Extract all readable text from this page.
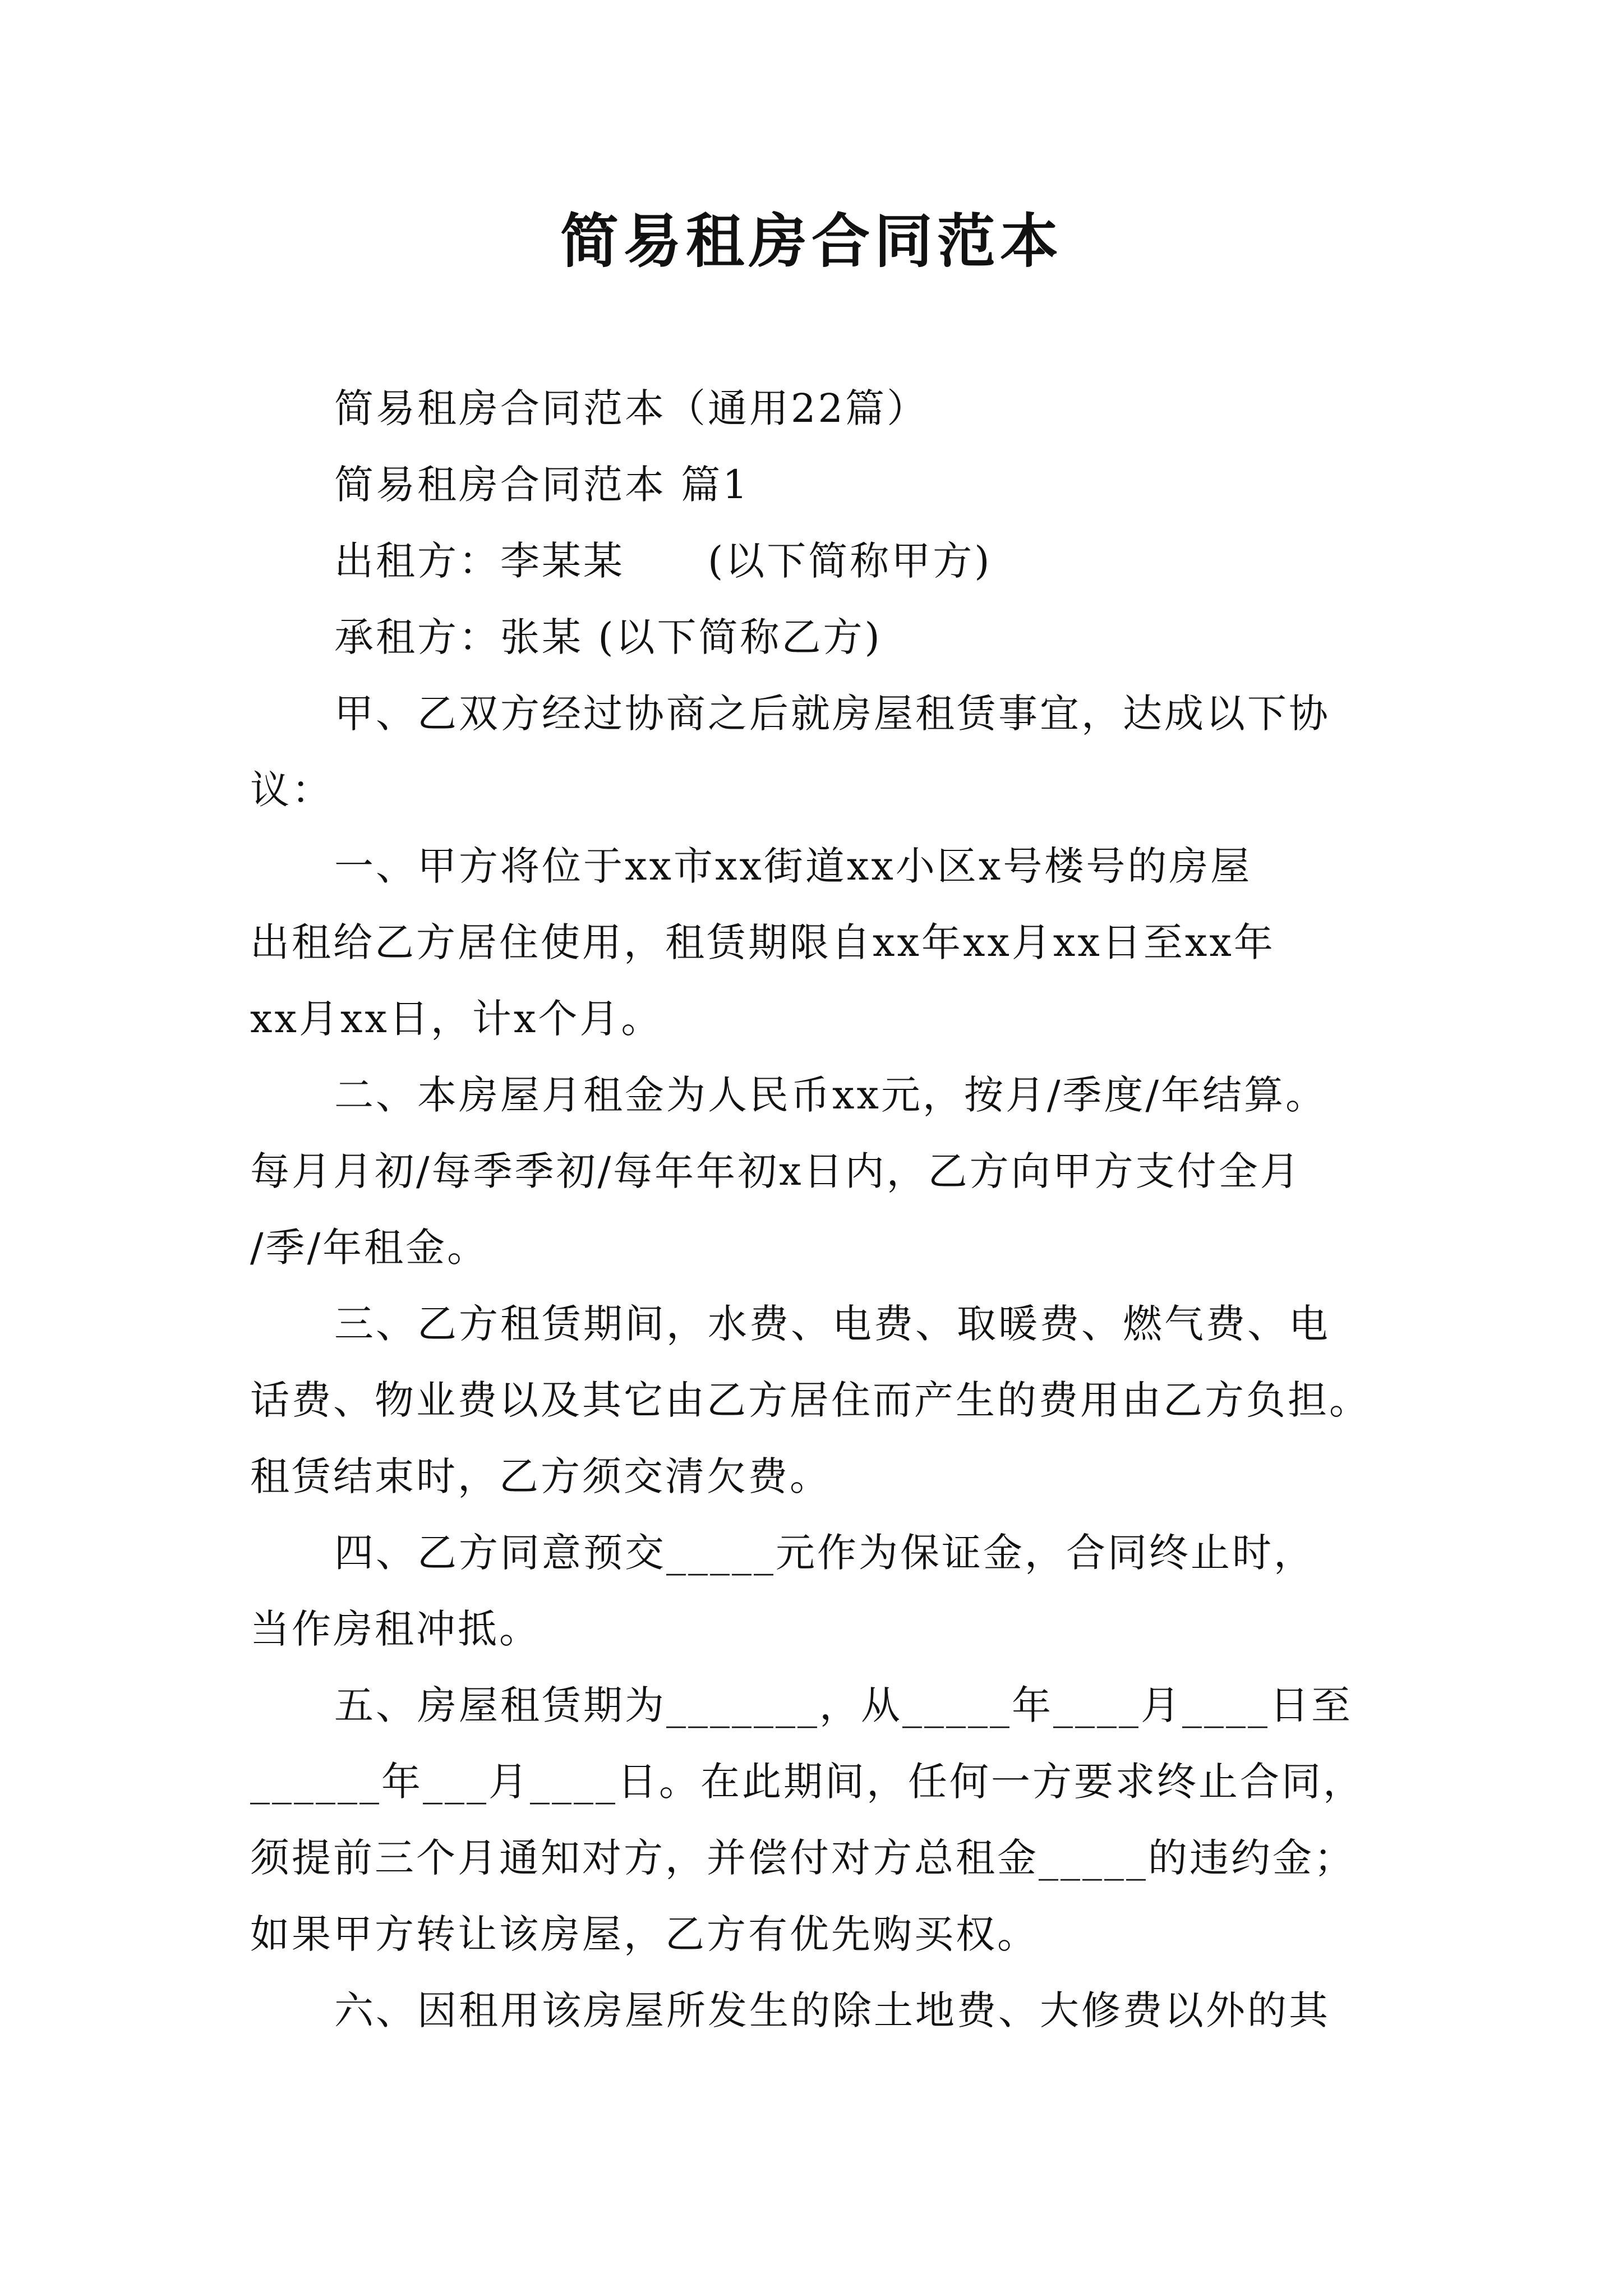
简易租房合同范本

简易租房合同范本（通用22篇）

简易租房合同范本 篇1

出租方：李某某　　(以下简称甲方)

承租方：张某 (以下简称乙方)

甲、乙双方经过协商之后就房屋租赁事宜，达成以下协

议：

一、甲方将位于xx市xx街道xx小区x号楼号的房屋

出租给乙方居住使用，租赁期限自xx年xx月xx日至xx年

xx月xx日，计x个月。

二、本房屋月租金为人民币xx元，按月/季度/年结算。

每月月初/每季季初/每年年初x日内，乙方向甲方支付全月

/季/年租金。

三、乙方租赁期间，水费、电费、取暖费、燃气费、电

话费、物业费以及其它由乙方居住而产生的费用由乙方负担。

租赁结束时，乙方须交清欠费。

四、乙方同意预交_____元作为保证金，合同终止时，

当作房租冲抵。

五、房屋租赁期为_______，从_____年____月____日至

______年___月____日。在此期间，任何一方要求终止合同，

须提前三个月通知对方，并偿付对方总租金_____的违约金；

如果甲方转让该房屋，乙方有优先购买权。

六、因租用该房屋所发生的除土地费、大修费以外的其
